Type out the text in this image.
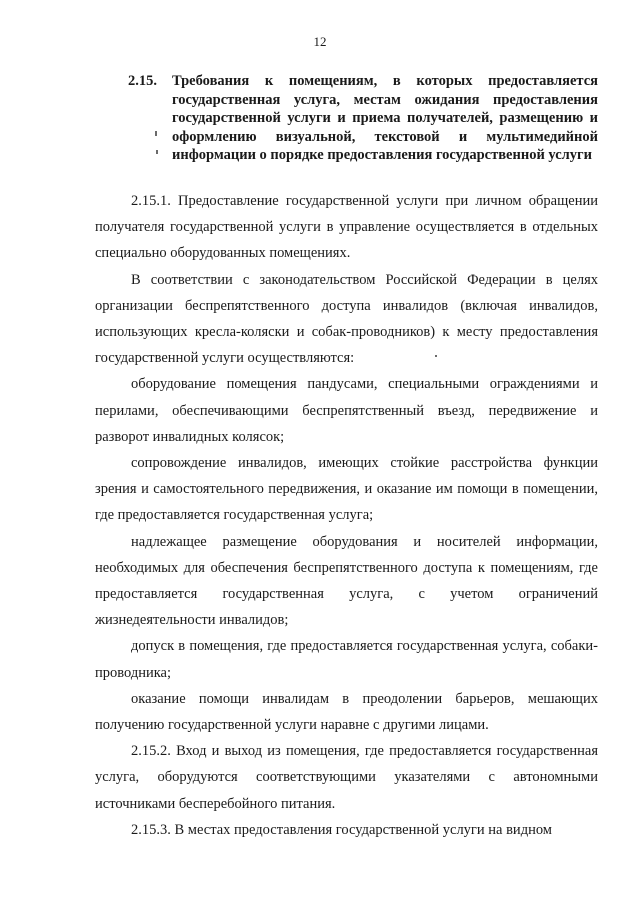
12
2.15.	Требования к помещениям, в которых предоставляется государственная услуга, местам ожидания предоставления государственной услуги и приема получателей, размещению и оформлению визуальной, текстовой и мультимедийной информации о порядке предоставления государственной услуги

2.15.1. Предоставление государственной услуги при личном обращении получателя государственной услуги в управление осуществляется в отдельных специально оборудованных помещениях.

В соответствии с законодательством Российской Федерации в целях организации беспрепятственного доступа инвалидов (включая инвалидов, использующих кресла-коляски и собак-проводников) к месту предоставления государственной услуги осуществляются:

оборудование помещения пандусами, специальными ограждениями и перилами, обеспечивающими беспрепятственный въезд, передвижение и разворот инвалидных колясок;

сопровождение инвалидов, имеющих стойкие расстройства функции зрения и самостоятельного передвижения, и оказание им помощи в помещении, где предоставляется государственная услуга;

надлежащее размещение оборудования и носителей информации, необходимых для обеспечения беспрепятственного доступа к помещениям, где предоставляется государственная услуга, с учетом ограничений жизнедеятельности инвалидов;

допуск в помещения, где предоставляется государственная услуга, собаки-проводника;

оказание помощи инвалидам в преодолении барьеров, мешающих получению государственной услуги наравне с другими лицами.

2.15.2. Вход и выход из помещения, где предоставляется государственная услуга, оборудуются соответствующими указателями с автономными источниками бесперебойного питания.

2.15.3. В местах предоставления государственной услуги на видном
